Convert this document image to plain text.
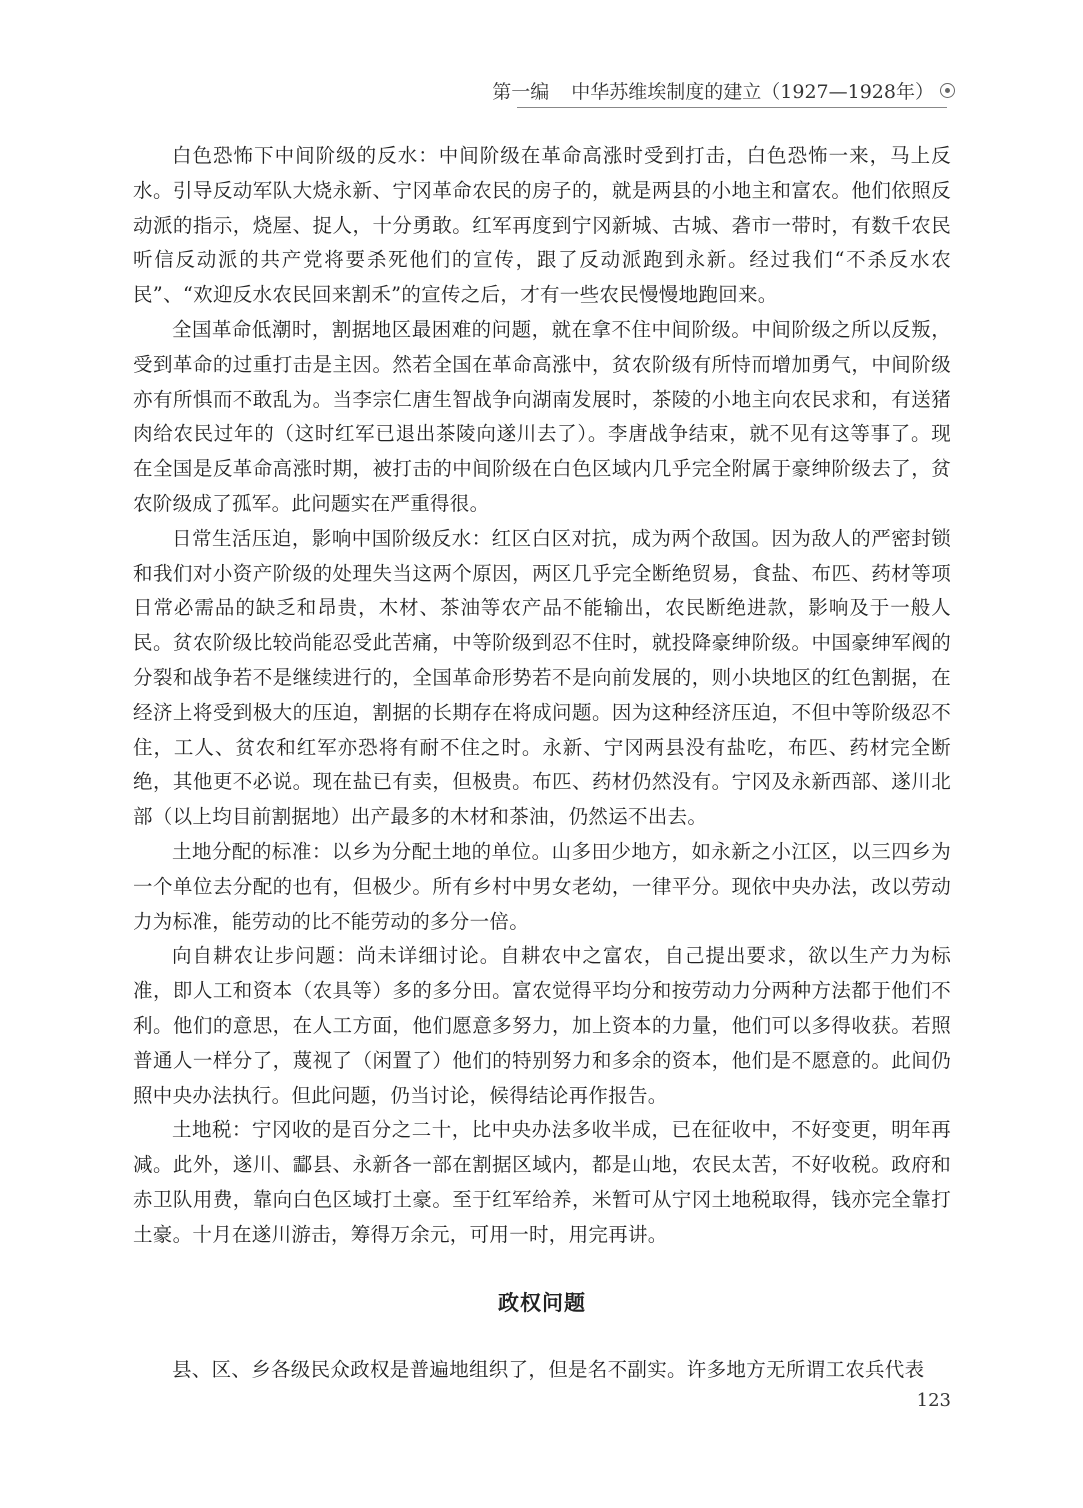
第一编 中华苏维埃制度的建立（1927—1928年）

白色恐怖下中间阶级的反水：中间阶级在革命高涨时受到打击，白色恐怖一来，马上反水。引导反动军队大烧永新、宁冈革命农民的房子的，就是两县的小地主和富农。他们依照反动派的指示，烧屋、捉人，十分勇敢。红军再度到宁冈新城、古城、砻市一带时，有数千农民听信反动派的共产党将要杀死他们的宣传，跟了反动派跑到永新。经过我们“不杀反水农民”、“欢迎反水农民回来割禾”的宣传之后，才有一些农民慢慢地跑回来。

全国革命低潮时，割据地区最困难的问题，就在拿不住中间阶级。中间阶级之所以反叛，受到革命的过重打击是主因。然若全国在革命高涨中，贫农阶级有所恃而增加勇气，中间阶级亦有所惧而不敢乱为。当李宗仁唐生智战争向湖南发展时，茶陵的小地主向农民求和，有送猪肉给农民过年的（这时红军已退出茶陵向遂川去了）。李唐战争结束，就不见有这等事了。现在全国是反革命高涨时期，被打击的中间阶级在白色区域内几乎完全附属于豪绅阶级去了，贫农阶级成了孤军。此问题实在严重得很。

日常生活压迫，影响中国阶级反水：红区白区对抗，成为两个敌国。因为敌人的严密封锁和我们对小资产阶级的处理失当这两个原因，两区几乎完全断绝贸易，食盐、布匹、药材等项日常必需品的缺乏和昂贵，木材、茶油等农产品不能输出，农民断绝进款，影响及于一般人民。贫农阶级比较尚能忍受此苦痛，中等阶级到忍不住时，就投降豪绅阶级。中国豪绅军阀的分裂和战争若不是继续进行的，全国革命形势若不是向前发展的，则小块地区的红色割据，在经济上将受到极大的压迫，割据的长期存在将成问题。因为这种经济压迫，不但中等阶级忍不住，工人、贫农和红军亦恐将有耐不住之时。永新、宁冈两县没有盐吃，布匹、药材完全断绝，其他更不必说。现在盐已有卖，但极贵。布匹、药材仍然没有。宁冈及永新西部、遂川北部（以上均目前割据地）出产最多的木材和茶油，仍然运不出去。

土地分配的标准：以乡为分配土地的单位。山多田少地方，如永新之小江区，以三四乡为一个单位去分配的也有，但极少。所有乡村中男女老幼，一律平分。现依中央办法，改以劳动力为标准，能劳动的比不能劳动的多分一倍。

向自耕农让步问题：尚未详细讨论。自耕农中之富农，自己提出要求，欲以生产力为标准，即人工和资本（农具等）多的多分田。富农觉得平均分和按劳动力分两种方法都于他们不利。他们的意思，在人工方面，他们愿意多努力，加上资本的力量，他们可以多得收获。若照普通人一样分了，蔑视了（闲置了）他们的特别努力和多余的资本，他们是不愿意的。此间仍照中央办法执行。但此问题，仍当讨论，候得结论再作报告。

土地税：宁冈收的是百分之二十，比中央办法多收半成，已在征收中，不好变更，明年再减。此外，遂川、酃县、永新各一部在割据区域内，都是山地，农民太苦，不好收税。政府和赤卫队用费，靠向白色区域打土豪。至于红军给养，米暂可从宁冈土地税取得，钱亦完全靠打土豪。十月在遂川游击，筹得万余元，可用一时，用完再讲。

政权问题

县、区、乡各级民众政权是普遍地组织了，但是名不副实。许多地方无所谓工农兵代表

123
